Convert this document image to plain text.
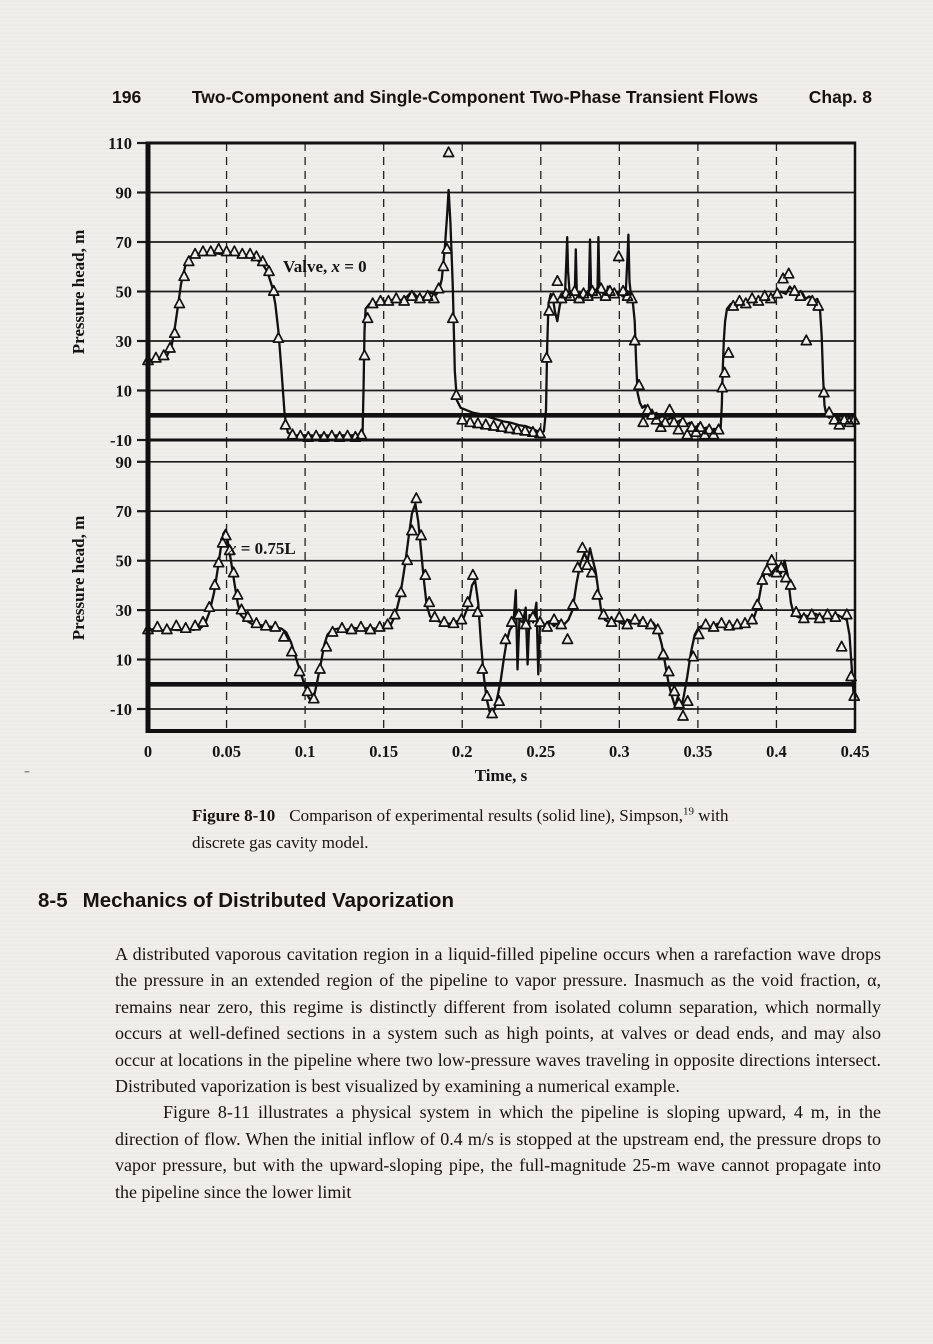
196	Two-Component and Single-Component Two-Phase Transient Flows	Chap. 8
110
90
70
50
30
10
-10
Valve, x = 0
Pressure head, m
90
70
50
30
10
-10
x = 0.75L
Pressure head, m
0	0.05	0.1	0.15	0.2	0.25	0.3	0.35	0.4	0.45
Time, s
Figure 8-10 Comparison of experimental results (solid line), Simpson,$^{19}$ with
discrete gas cavity model.
8-5 Mechanics of Distributed Vaporization

A distributed vaporous cavitation region in a liquid-filled pipeline occurs when a rarefaction wave drops the pressure in an extended region of the pipeline to vapor pressure. Inasmuch as the void fraction, α, remains near zero, this regime is distinctly different from isolated column separation, which normally occurs at well-defined sections in a system such as high points, at valves or dead ends, and may also occur at locations in the pipeline where two low-pressure waves traveling in opposite directions intersect. Distributed vaporization is best visualized by examining a numerical example.

Figure 8-11 illustrates a physical system in which the pipeline is sloping upward, 4 m, in the direction of flow. When the initial inflow of 0.4 m/s is stopped at the upstream end, the pressure drops to vapor pressure, but with the upward-sloping pipe, the full-magnitude 25-m wave cannot propagate into the pipeline since the lower limit

-
